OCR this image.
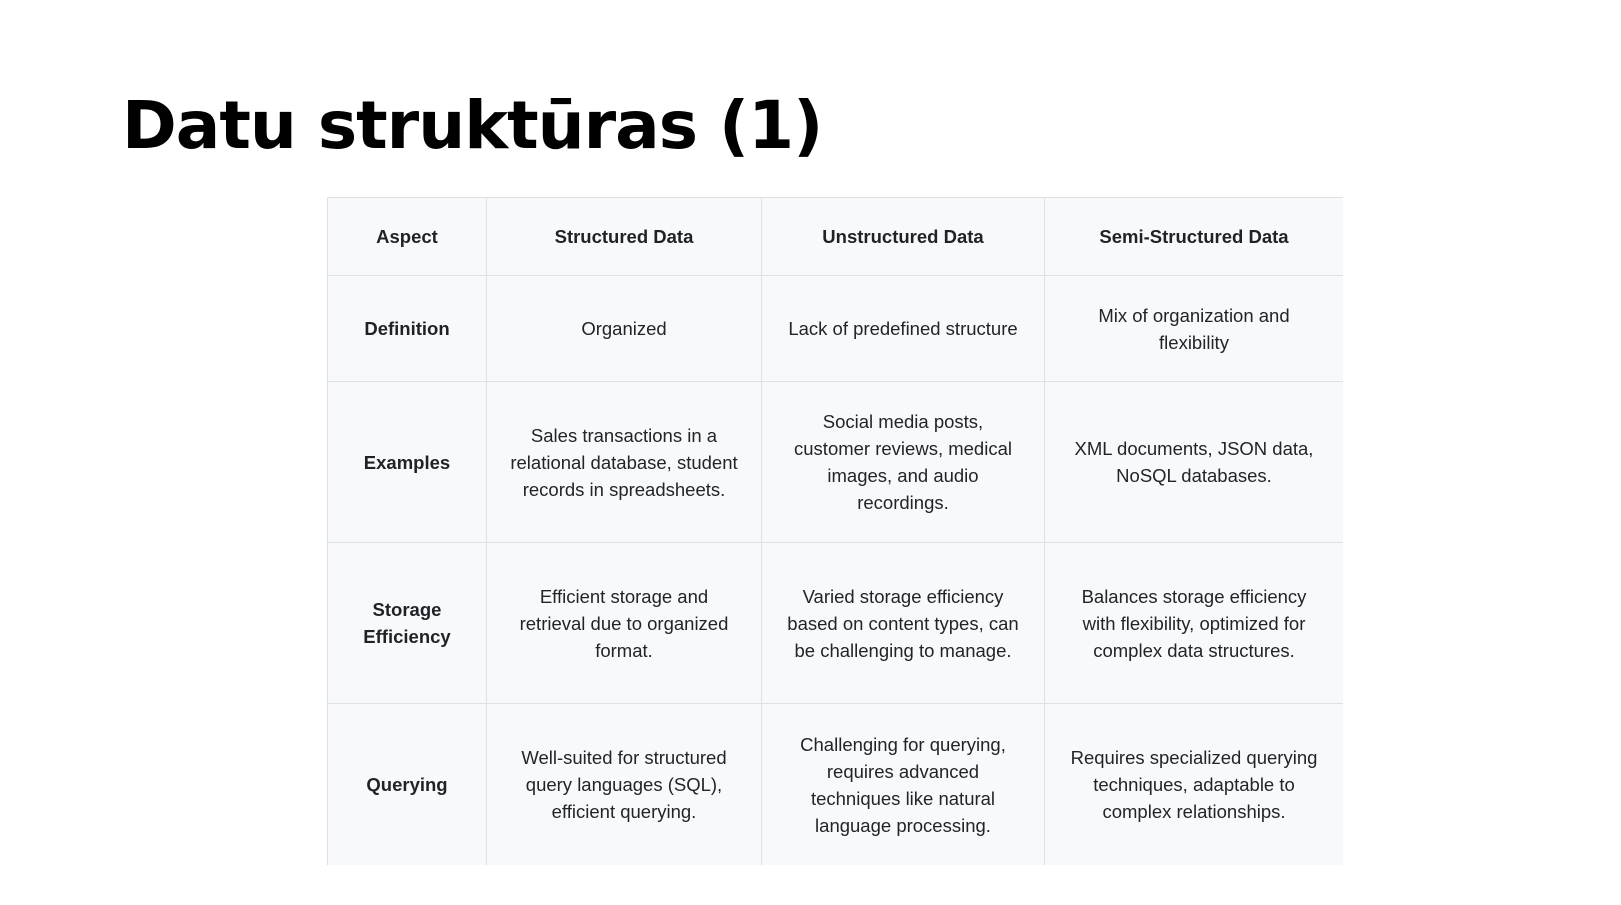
Datu struktūras (1)
Aspect	Structured Data	Unstructured Data	Semi-Structured Data
Definition	Organized	Lack of predefined structure	Mix of organization and flexibility
Examples	Sales transactions in a relational database, student records in spreadsheets.	Social media posts, customer reviews, medical images, and audio recordings.	XML documents, JSON data, NoSQL databases.
Storage Efficiency	Efficient storage and retrieval due to organized format.	Varied storage efficiency based on content types, can be challenging to manage.	Balances storage efficiency with flexibility, optimized for complex data structures.
Querying	Well-suited for structured query languages (SQL), efficient querying.	Challenging for querying, requires advanced techniques like natural language processing.	Requires specialized querying techniques, adaptable to complex relationships.
